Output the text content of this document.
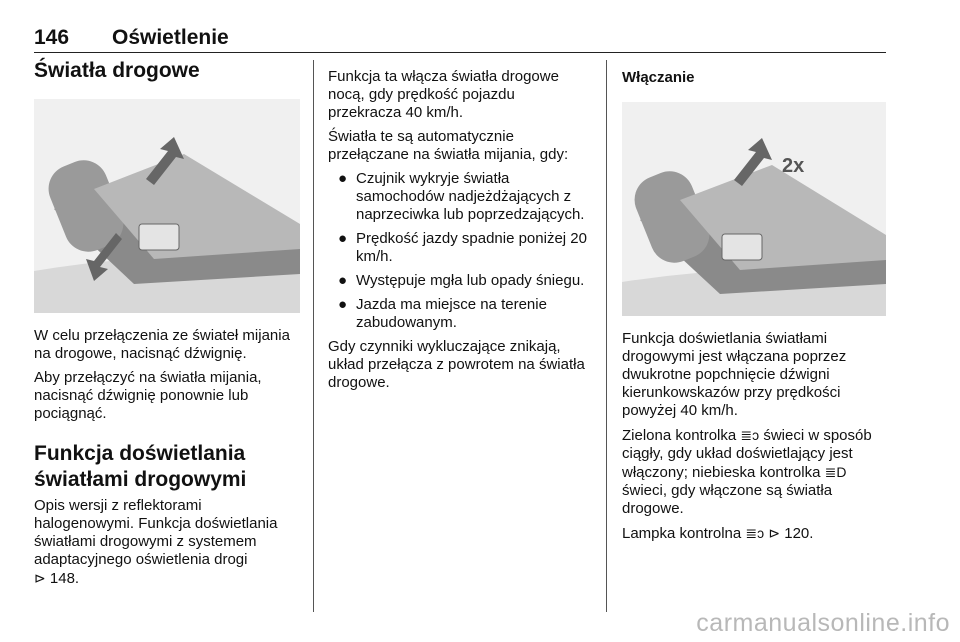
146 Oświetlenie
Światła drogowe

W celu przełączenia ze świateł mijania na drogowe, nacisnąć dźwignię.

Aby przełączyć na światła mijania, nacisnąć dźwignię ponownie lub pociągnąć.

Funkcja doświetlania światłami drogowymi

Opis wersji z reflektorami halogenowymi. Funkcja doświetlania światłami drogowymi z systemem adaptacyjnego oświetlenia drogi
⊳ 148.

Funkcja ta włącza światła drogowe nocą, gdy prędkość pojazdu przekracza 40 km/h.

Światła te są automatycznie przełączane na światła mijania, gdy:

● Czujnik wykryje światła samochodów nadjeżdżających z naprzeciwka lub poprzedzających.
● Prędkość jazdy spadnie poniżej 20 km/h.
● Występuje mgła lub opady śniegu.
● Jazda ma miejsce na terenie zabudowanym.

Gdy czynniki wykluczające znikają, układ przełącza z powrotem na światła drogowe.

Włączanie
2x

Funkcja doświetlania światłami drogowymi jest włączana poprzez dwukrotne popchnięcie dźwigni kierunkowskazów przy prędkości powyżej 40 km/h.

Zielona kontrolka ≣ↄ świeci w sposób ciągły, gdy układ doświetlający jest włączony; niebieska kontrolka ≣D świeci, gdy włączone są światła drogowe.

Lampka kontrolna ≣ↄ ⊳ 120.

carmanualsonline.info
